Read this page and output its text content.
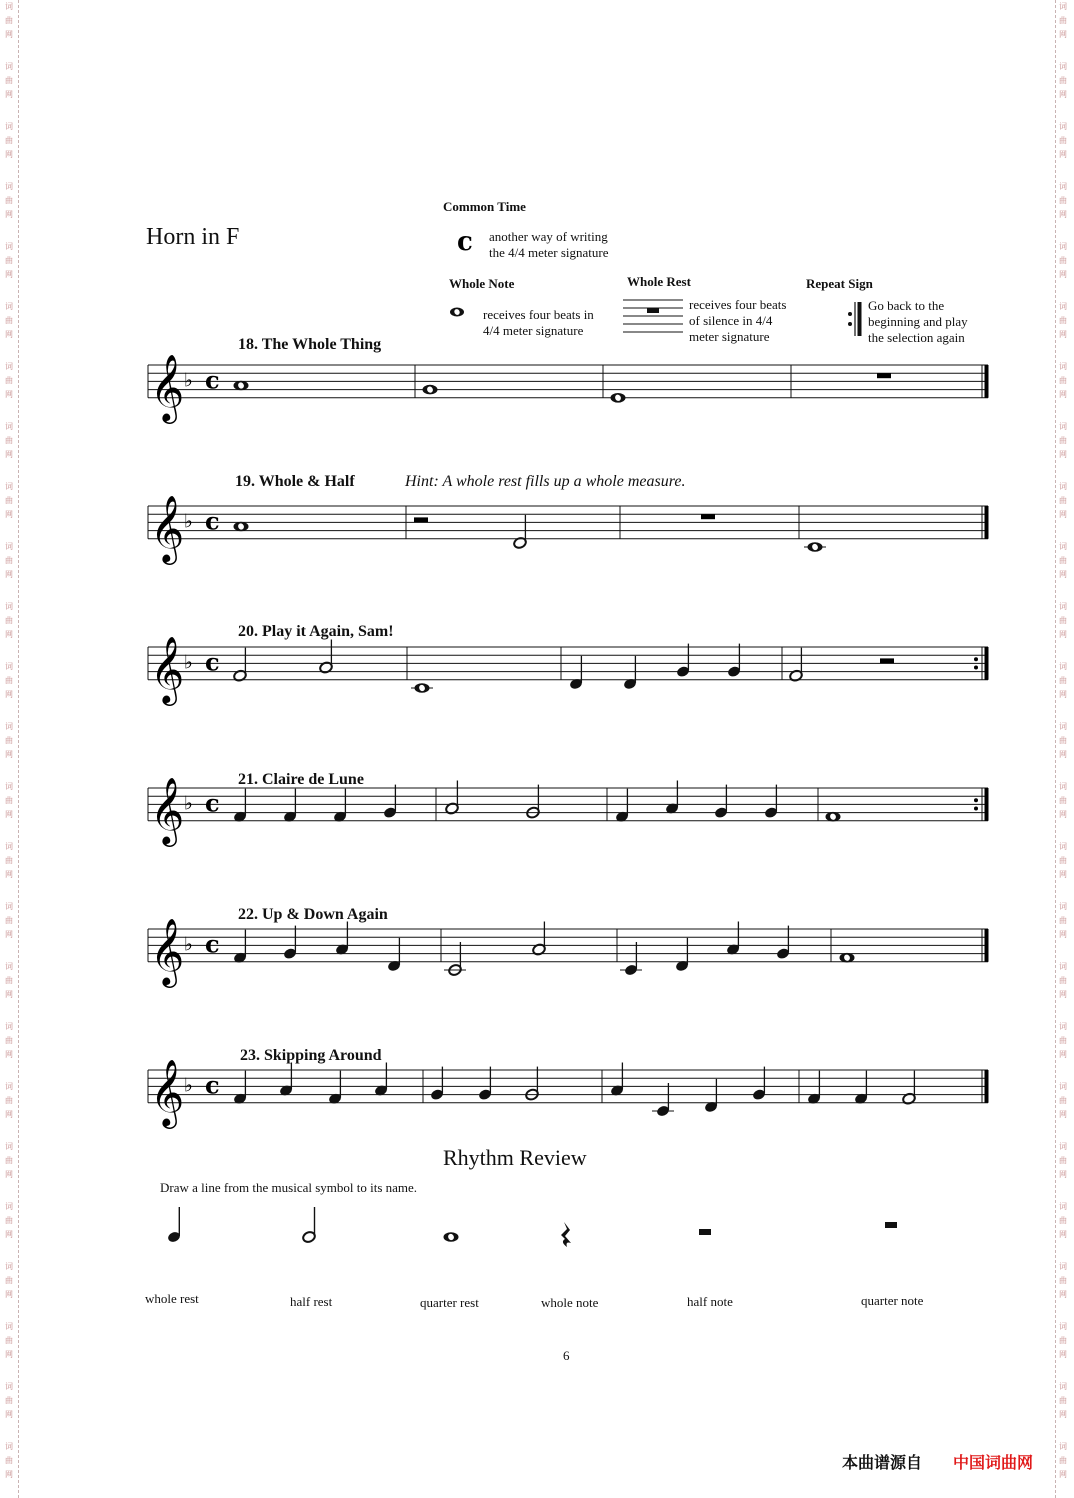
词
曲
网
词
曲
网
词
曲
网
词
曲
网
词
曲
网
词
曲
网
词
曲
网
词
曲
网
词
曲
网
词
曲
网
词
曲
网
词
曲
网
词
曲
网
词
曲
网
词
曲
网
词
曲
网
词
曲
网
词
曲
网
词
曲
网
词
曲
网
词
曲
网
词
曲
网
词
曲
网
词
曲
网
词
曲
网
词
曲
网
词
曲
网
词
曲
网
词
曲
网
词
曲
网
词
曲
网
词
曲
网
词
曲
网
词
曲
网
词
曲
网
词
曲
网
词
曲
网
词
曲
网
词
曲
网
词
曲
网
词
曲
网
词
曲
网
词
曲
网
词
曲
网
词
曲
网
词
曲
网
词
曲
网
词
曲
网
词
曲
网
词
曲
网
Horn in F
Common Time
c another way of writing
the 4/4 meter signature
Whole Note
receives four beats in
4/4 meter signature
Whole Rest
receives four beats
of silence in 4/4
meter signature
Repeat Sign
Go back to the
beginning and play
the selection again
18. The Whole Thing
19. Whole & Half	Hint: A whole rest fills up a whole measure.
20. Play it Again, Sam!
21. Claire de Lune
22. Up & Down Again
23. Skipping Around
𝄞 ♭ c
𝄞 ♭ c
𝄞 ♭ c
𝄞 ♭ c
𝄞 ♭ c
𝄞 ♭ c
Rhythm Review
Draw a line from the musical symbol to its name.
whole rest	half rest	quarter rest	whole note	half note	quarter note
6
本曲谱源自 中国词曲网
